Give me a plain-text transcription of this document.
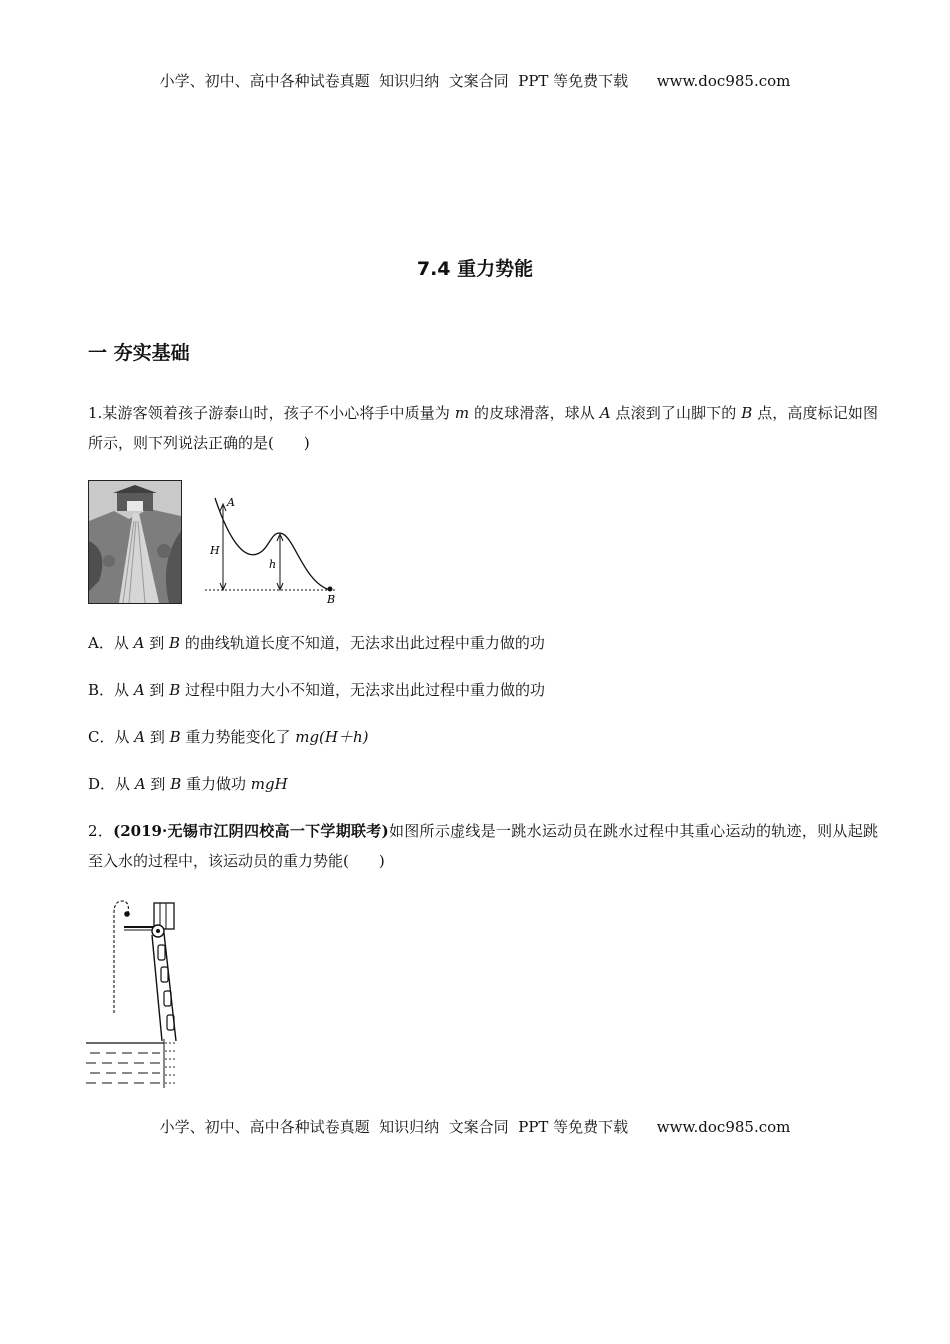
小学、初中、高中各种试卷真题  知识归纳  文案合同  PPT 等免费下载 www.doc985.com
7.4 重力势能
一 夯实基础
1.某游客领着孩子游泰山时，孩子不小心将手中质量为 m 的皮球滑落，球从 A 点滚到了山脚下的 B 点，高度标记如图所示，则下列说法正确的是(　　)
A
H
h
B
A．从 A 到 B 的曲线轨道长度不知道，无法求出此过程中重力做的功
B．从 A 到 B 过程中阻力大小不知道，无法求出此过程中重力做的功
C．从 A 到 B 重力势能变化了 mg(H＋h)
D．从 A 到 B 重力做功 mgH
2．(2019·无锡市江阴四校高一下学期联考)如图所示虚线是一跳水运动员在跳水过程中其重心运动的轨迹，则从起跳至入水的过程中，该运动员的重力势能(　　)
小学、初中、高中各种试卷真题  知识归纳  文案合同  PPT 等免费下载 www.doc985.com
